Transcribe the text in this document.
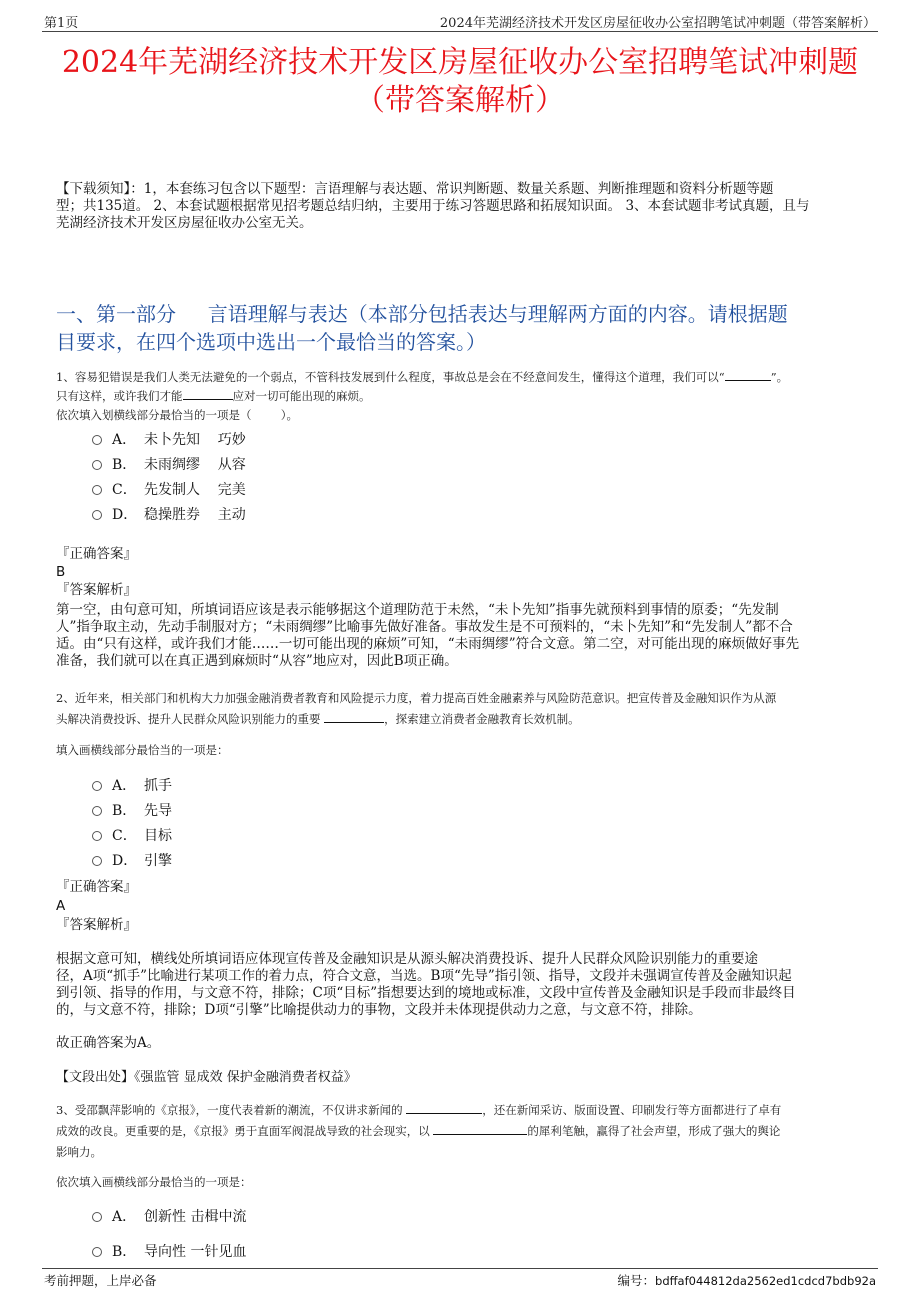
第1页	2024年芜湖经济技术开发区房屋征收办公室招聘笔试冲刺题（带答案解析）
2024年芜湖经济技术开发区房屋征收办公室招聘笔试冲刺题
（带答案解析）
【下载须知】：1，本套练习包含以下题型：言语理解与表达题、常识判断题、数量关系题、判断推理题和资料分析题等题
型；共135道。 2、本套试题根据常见招考题总结归纳，主要用于练习答题思路和拓展知识面。 3、本套试题非考试真题，且与
芜湖经济技术开发区房屋征收办公室无关。
一、第一部分     言语理解与表达（本部分包括表达与理解两方面的内容。请根据题
目要求，在四个选项中选出一个最恰当的答案。）
1、容易犯错误是我们人类无法避免的一个弱点，不管科技发展到什么程度，事故总是会在不经意间发生，懂得这个道理，我们可以“	”。
只有这样，或许我们才能	应对一切可能出现的麻烦。
依次填入划横线部分最恰当的一项是（        ）。
A． 未卜先知    巧妙
B． 未雨绸缪    从容
C． 先发制人    完美
D． 稳操胜券    主动
『正确答案』
B
『答案解析』
第一空，由句意可知，所填词语应该是表示能够据这个道理防范于未然，“未卜先知”指事先就预料到事情的原委；“先发制
人”指争取主动，先动手制服对方；“未雨绸缪”比喻事先做好准备。事故发生是不可预料的，“未卜先知”和“先发制人”都不合
适。由“只有这样，或许我们才能……一切可能出现的麻烦”可知，“未雨绸缪”符合文意。第二空，对可能出现的麻烦做好事先
准备，我们就可以在真正遇到麻烦时“从容”地应对，因此B项正确。
2、近年来，相关部门和机构大力加强金融消费者教育和风险提示力度，着力提高百姓金融素养与风险防范意识。把宣传普及金融知识作为从源
头解决消费投诉、提升人民群众风险识别能力的重要	，探索建立消费者金融教育长效机制。
填入画横线部分最恰当的一项是：
A． 抓手
B． 先导
C． 目标
D． 引擎
『正确答案』
A
『答案解析』
根据文意可知，横线处所填词语应体现宣传普及金融知识是从源头解决消费投诉、提升人民群众风险识别能力的重要途
径，A项“抓手”比喻进行某项工作的着力点，符合文意，当选。B项“先导”指引领、指导，文段并未强调宣传普及金融知识起
到引领、指导的作用，与文意不符，排除；C项“目标”指想要达到的境地或标准，文段中宣传普及金融知识是手段而非最终目
的，与文意不符，排除；D项“引擎”比喻提供动力的事物，文段并未体现提供动力之意，与文意不符，排除。
故正确答案为A。
【文段出处】《强监管 显成效 保护金融消费者权益》
3、受邵飘萍影响的《京报》，一度代表着新的潮流，不仅讲求新闻的	，还在新闻采访、版面设置、印刷发行等方面都进行了卓有
成效的改良。更重要的是，《京报》勇于直面军阀混战导致的社会现实，以	的犀利笔触，赢得了社会声望，形成了强大的舆论
影响力。
依次填入画横线部分最恰当的一项是：
A． 创新性 击楫中流
B． 导向性 一针见血
考前押题，上岸必备	编号：bdffaf044812da2562ed1cdcd7bdb92a
